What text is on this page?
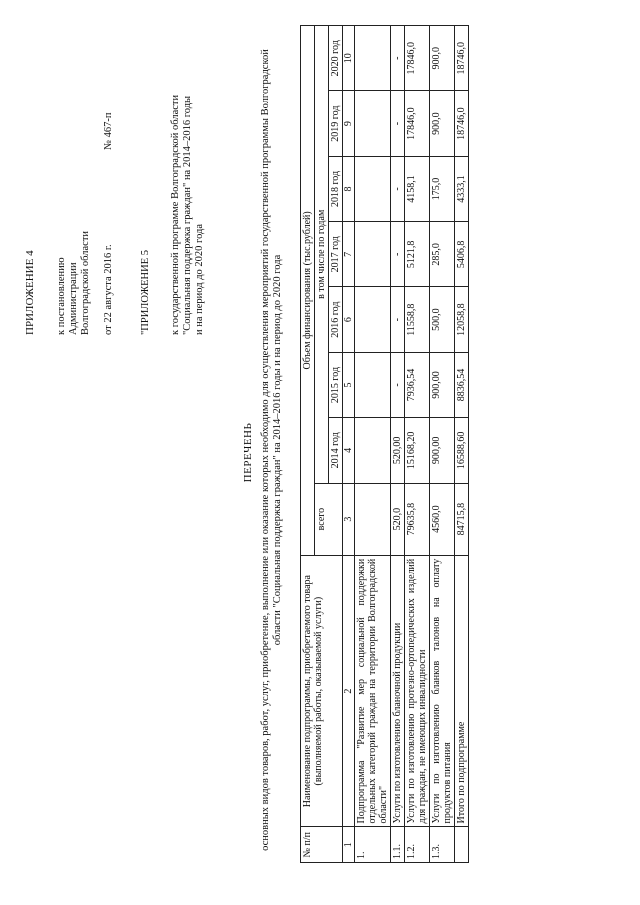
ПРИЛОЖЕНИЕ 4 к постановлению Администрации Волгоградской области от 22 августа 2016 г.
№ 467-п
"ПРИЛОЖЕНИЕ 5 к государственной программе Волгоградской области "Социальная поддержка граждан" на 2014–2016 годы и на период до 2020 года
ПЕРЕЧЕНЬ основных видов товаров, работ, услуг, приобретение, выполнение или оказание которых необходимо для осуществления мероприятий государственной программы Волгоградской области "Социальная поддержка граждан" на 2014–2016 годы и на период до 2020 года
№ п/п	Наименование подпрограммы, приобретаемого товара (выполняемой работы, оказываемой услуги)	Объем финансирования (тыс.рублей)							
		всего	в том числе по годам						
			2014 год	2015 год	2016 год	2017 год	2018 год	2019 год	2020 год
1	2	3	4	5	6	7	8	9	10
1.	Подпрограмма "Развитие мер социальной поддержки отдельных категорий граждан на территории Волгоградской области"								
1.1.	Услуги по изготовлению бланочной продукции	520,0	520,00	-	-	-	-	-	-
1.2.	Услуги по изготовлению протезно-ортопедических изделий для граждан, не имеющих инвалидности	79635,8	15168,20	7936,54	11558,8	5121,8	4158,1	17846,0	17846,0
1.3.	Услуги по изготовлению бланков талонов на оплату продуктов питания	4560,0	900,00	900,00	500,0	285,0	175,0	900,0	900,0
	Итого по подпрограмме	84715,8	16588,60	8836,54	12058,8	5406,8	4333,1	18746,0	18746,0
